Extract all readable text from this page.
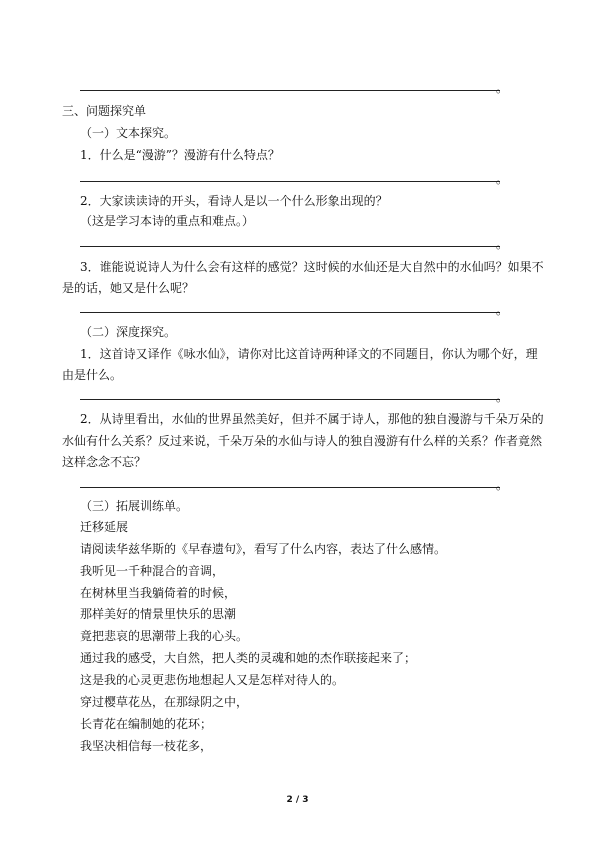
。
三、问题探究单
（一）文本探究。
1．什么是“漫游”？漫游有什么特点？
。
2．大家读读诗的开头，看诗人是以一个什么形象出现的？
（这是学习本诗的重点和难点。）
。
3．谁能说说诗人为什么会有这样的感觉？这时候的水仙还是大自然中的水仙吗？如果不
是的话，她又是什么呢？
。
（二）深度探究。
1．这首诗又译作《咏水仙》，请你对比这首诗两种译文的不同题目，你认为哪个好，理
由是什么。
。
2．从诗里看出，水仙的世界虽然美好，但并不属于诗人，那他的独自漫游与千朵万朵的
水仙有什么关系？反过来说，千朵万朵的水仙与诗人的独自漫游有什么样的关系？作者竟然
这样念念不忘？
。
（三）拓展训练单。
迁移延展
请阅读华兹华斯的《早春遗句》，看写了什么内容，表达了什么感情。
我听见一千种混合的音调，
在树林里当我躺倚着的时候，
那样美好的情景里快乐的思潮
竟把悲哀的思潮带上我的心头。
通过我的感受，大自然，把人类的灵魂和她的杰作联接起来了；
这是我的心灵更悲伤地想起人又是怎样对待人的。
穿过樱草花丛，在那绿阴之中，
长青花在编制她的花环；
我坚决相信每一枝花多，
2 / 3
